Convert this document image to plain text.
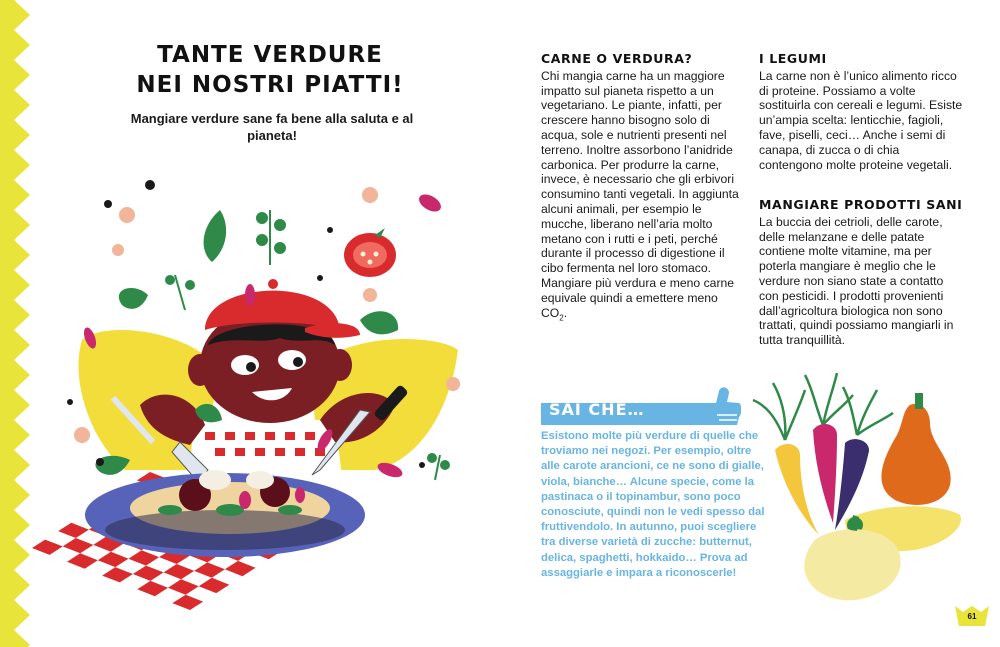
TANTE VERDURE
NEI NOSTRI PIATTI!

Mangiare verdure sane fa bene alla saluta e al pianeta!

CARNE O VERDURA?

Chi mangia carne ha un maggiore impatto sul pianeta rispetto a un vegetariano. Le piante, infatti, per crescere hanno bisogno solo di acqua, sole e nutrienti presenti nel terreno. Inoltre assorbono l’anidride carbonica. Per produrre la carne, invece, è necessario che gli erbivori consumino tanti vegetali. In aggiunta alcuni animali, per esempio le mucche, liberano nell’aria molto metano con i rutti e i peti, perché durante il processo di digestione il cibo fermenta nel loro stomaco. Mangiare più verdura e meno carne equivale quindi a emettere meno $CO_2$.

I LEGUMI

La carne non è l’unico alimento ricco di proteine. Possiamo a volte sostituirla con cereali e legumi. Esiste un’ampia scelta: lenticchie, fagioli, fave, piselli, ceci… Anche i semi di canapa, di zucca o di chia contengono molte proteine vegetali.

MANGIARE PRODOTTI SANI

La buccia dei cetrioli, delle carote, delle melanzane e delle patate contiene molte vitamine, ma per poterla mangiare è meglio che le verdure non siano state a contatto con pesticidi. I prodotti provenienti dall’agricoltura biologica non sono trattati, quindi possiamo mangiarli in tutta tranquillità.

SAI CHE…

Esistono molte più verdure di quelle che troviamo nei negozi. Per esempio, oltre alle carote arancioni, ce ne sono di gialle, viola, bianche… Alcune specie, come la pastinaca o il topinambur, sono poco conosciute, quindi non le vedi spesso dal fruttivendolo. In autunno, puoi scegliere tra diverse varietà di zucche: butternut, delica, spaghetti, hokkaido… Prova ad assaggiarle e impara a riconoscerle!

61
